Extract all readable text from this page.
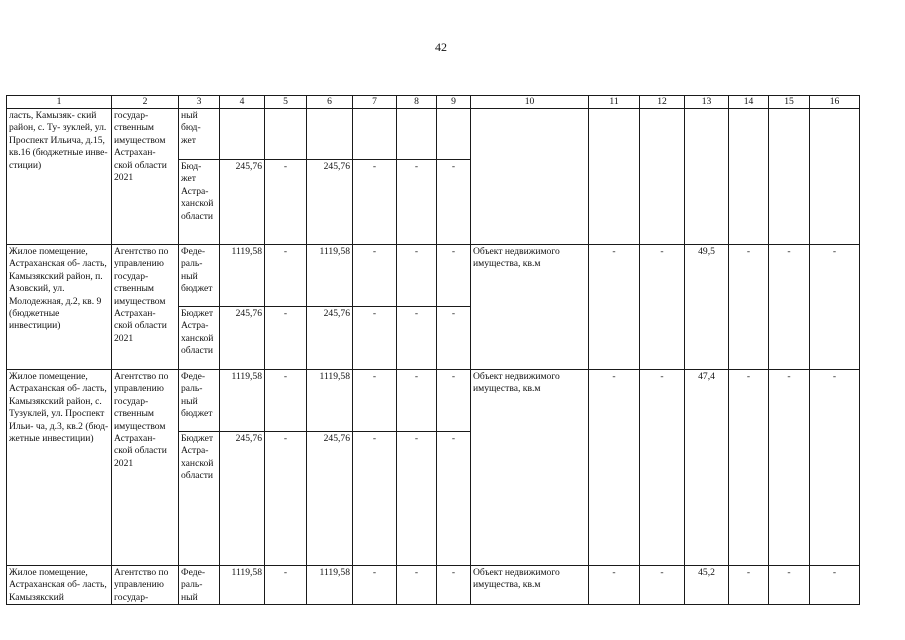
42
1	2	3	4	5	6	7	8	9	10	11	12	13	14	15	16
ласть, Камызяк- ский район, с. Ту- зуклей, ул. Проспект Ильича, д.15, кв.16 (бюджетные инве- стиции)	государ- ственным имуществом Астрахан- ской области 2021	ный бюд- жет													
		Бюд- жет Астра- ханской области	245,76	-	245,76	-	-	-							
Жилое помещение, Астраханская об- ласть, Камызякский район, п. Азовский, ул. Молодежная, д.2, кв. 9 (бюджетные инвестиции)	Агентство по управлению государ- ственным имуществом Астрахан- ской области 2021	Феде- раль- ный бюджет	1119,58	-	1119,58	-	-	-	Объект недвижимого имущества, кв.м	-	-	49,5	-	-	-
		Бюджет Астра- ханской области	245,76	-	245,76	-	-	-							
Жилое помещение, Астраханская об- ласть, Камызякский район, с. Тузуклей, ул. Проспект Ильи- ча, д.3, кв.2 (бюд- жетные инвестиции)	Агентство по управлению государ- ственным имуществом Астрахан- ской области 2021	Феде- раль- ный бюджет	1119,58	-	1119,58	-	-	-	Объект недвижимого имущества, кв.м	-	-	47,4	-	-	-
		Бюджет Астра- ханской области	245,76	-	245,76	-	-	-							
Жилое помещение, Астраханская об- ласть, Камызякский	Агентство по управлению государ-	Феде- раль- ный	1119,58	-	1119,58	-	-	-	Объект недвижимого имущества, кв.м	-	-	45,2	-	-	-
